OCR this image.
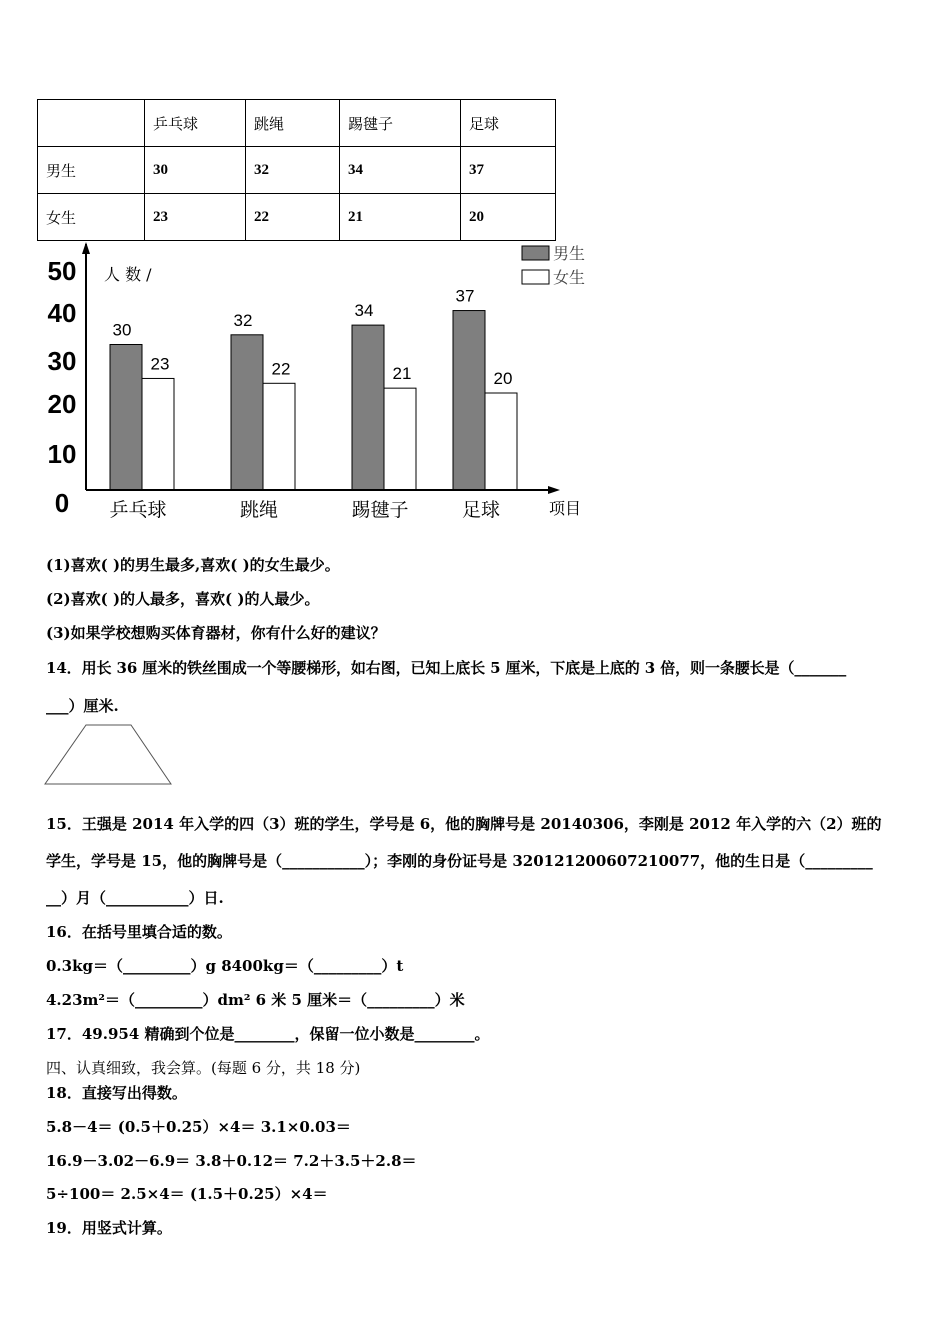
	乒乓球	跳绳	踢毽子	足球
男生	30	32	34	37
女生	23	22	21	20
0
10
20
30
40
50
30
32
34
37
23	22	21	20
乒乓球	跳绳	踢毽子	足球
人 数 /
项目
男生
女生
(1)喜欢( )的男生最多,喜欢( )的女生最少。
(2)喜欢( )的人最多，喜欢( )的人最少。
(3)如果学校想购买体育器材，你有什么好的建议？
14．用长 36 厘米的铁丝围成一个等腰梯形，如右图，已知上底长 5 厘米，下底是上底的 3 倍，则一条腰长是（_______
___）厘米.
15．王强是 2014 年入学的四（3）班的学生，学号是 6，他的胸牌号是 20140306，李刚是 2012 年入学的六（2）班的
学生，学号是 15，他的胸牌号是（___________）；李刚的身份证号是 320121200607210077，他的生日是（_________
__）月（___________）日.
16．在括号里填合适的数。
0.3kg＝（_________）g 8400kg＝（_________）t
4.23m²＝（_________）dm² 6 米 5 厘米＝（_________）米
17．49.954 精确到个位是________，保留一位小数是________。
四、认真细致，我会算。(每题 6 分，共 18 分)
18．直接写出得数。
5.8－4＝ (0.5＋0.25）×4＝ 3.1×0.03＝
16.9－3.02－6.9＝ 3.8＋0.12＝ 7.2＋3.5＋2.8＝
5÷100＝ 2.5×4＝ (1.5＋0.25）×4＝
19．用竖式计算。
